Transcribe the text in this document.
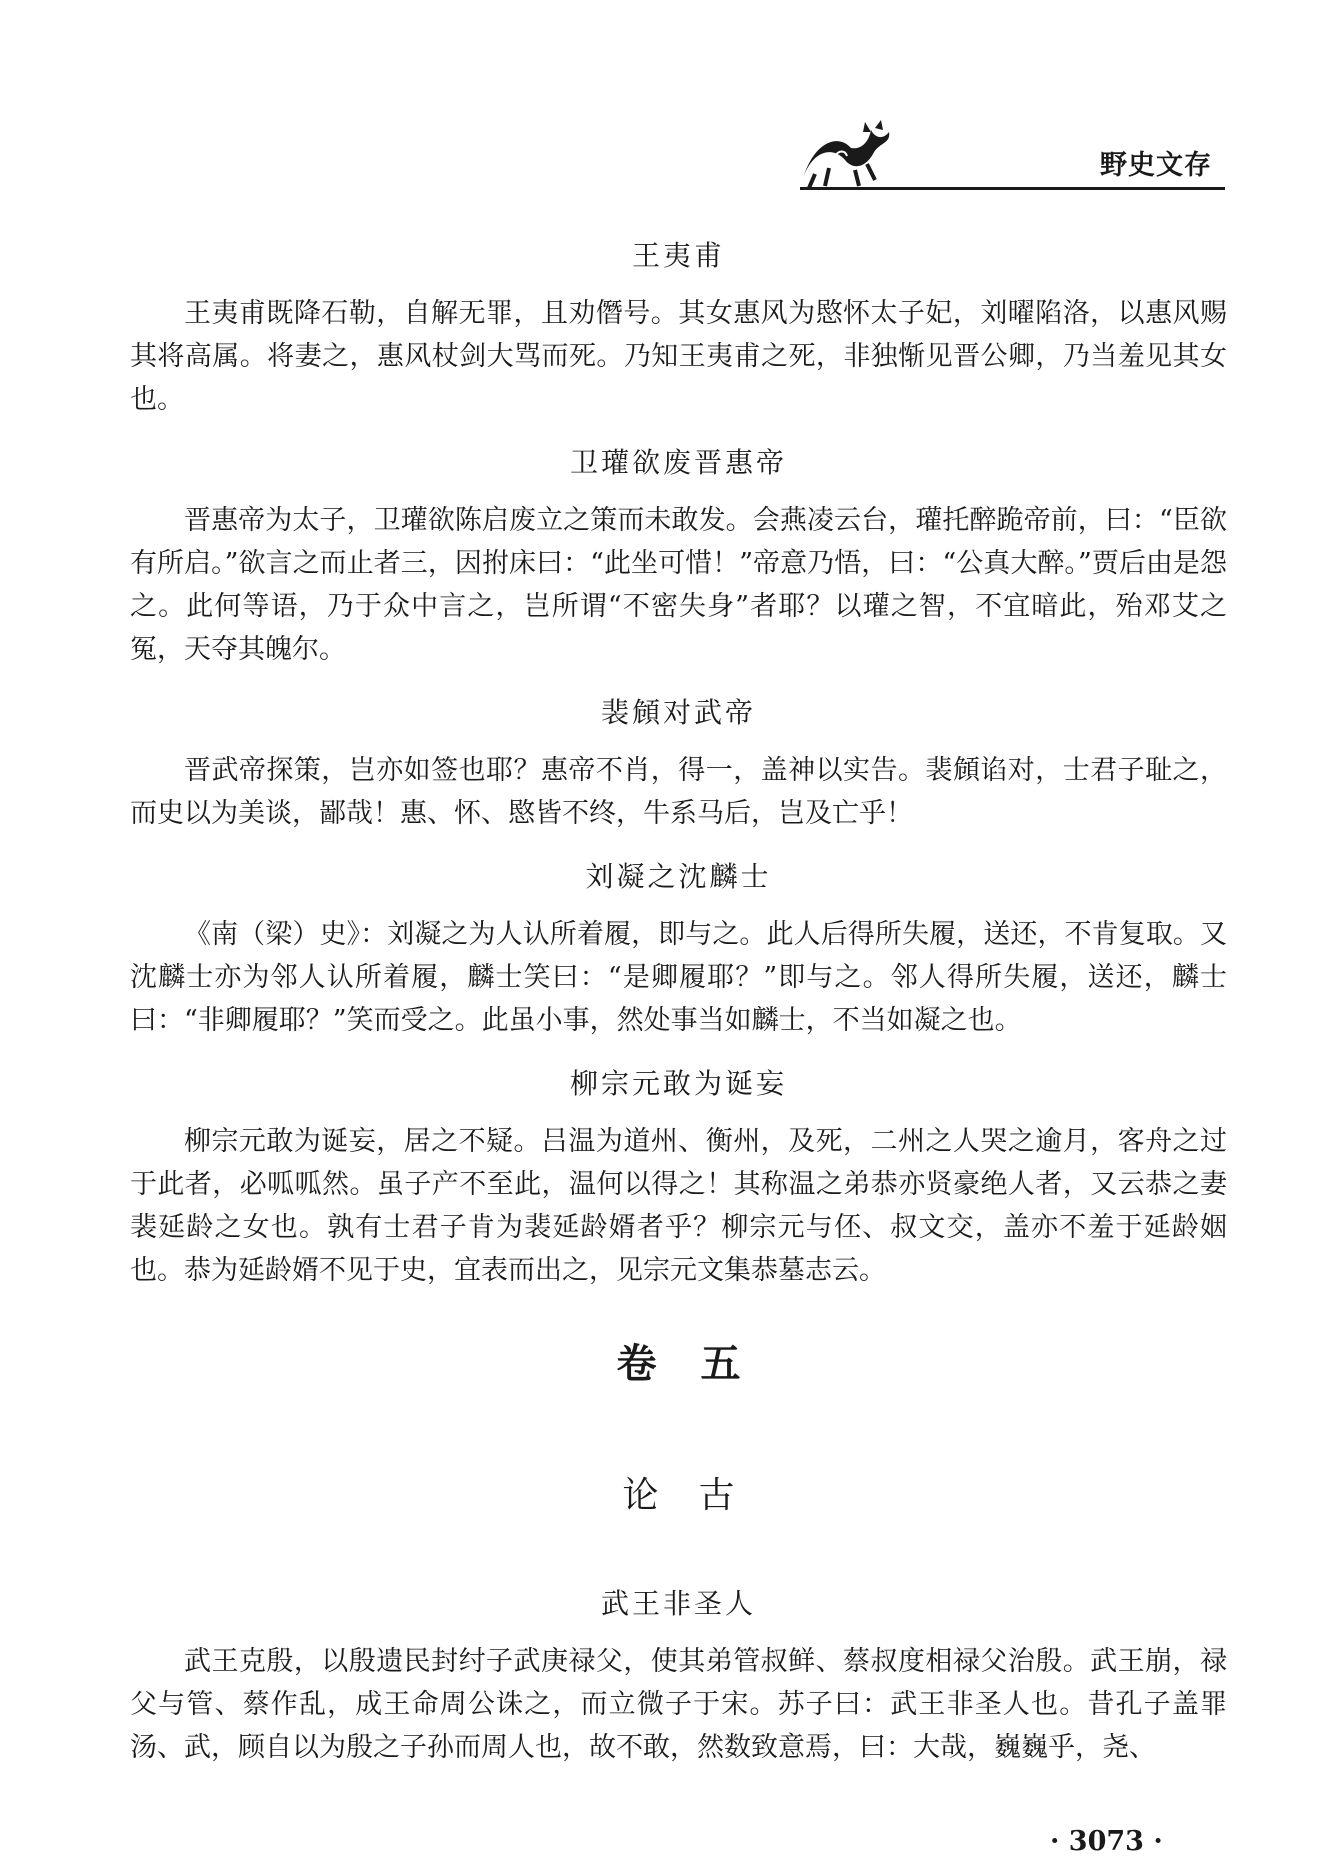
野史文存
王夷甫

王夷甫既降石勒，自解无罪，且劝僭号。其女惠风为愍怀太子妃，刘曜陷洛，以惠风赐其将高属。将妻之，惠风杖剑大骂而死。乃知王夷甫之死，非独惭见晋公卿，乃当羞见其女也。

卫瓘欲废晋惠帝

晋惠帝为太子，卫瓘欲陈启废立之策而未敢发。会燕凌云台，瓘托醉跪帝前，曰：“臣欲有所启。”欲言之而止者三，因拊床曰：“此坐可惜！”帝意乃悟，曰：“公真大醉。”贾后由是怨之。此何等语，乃于众中言之，岂所谓“不密失身”者耶？以瓘之智，不宜暗此，殆邓艾之冤，天夺其魄尔。

裴頠对武帝

晋武帝探策，岂亦如签也耶？惠帝不肖，得一，盖神以实告。裴頠谄对，士君子耻之，而史以为美谈，鄙哉！惠、怀、愍皆不终，牛系马后，岂及亡乎！

刘凝之沈麟士

《南（梁）史》：刘凝之为人认所着履，即与之。此人后得所失履，送还，不肯复取。又沈麟士亦为邻人认所着履，麟士笑曰：“是卿履耶？”即与之。邻人得所失履，送还，麟士曰：“非卿履耶？”笑而受之。此虽小事，然处事当如麟士，不当如凝之也。

柳宗元敢为诞妄

柳宗元敢为诞妄，居之不疑。吕温为道州、衡州，及死，二州之人哭之逾月，客舟之过于此者，必呱呱然。虽子产不至此，温何以得之！其称温之弟恭亦贤豪绝人者，又云恭之妻裴延龄之女也。孰有士君子肯为裴延龄婿者乎？柳宗元与伾、叔文交，盖亦不羞于延龄姻也。恭为延龄婿不见于史，宜表而出之，见宗元文集恭墓志云。

卷五
论古
武王非圣人

武王克殷，以殷遗民封纣子武庚禄父，使其弟管叔鲜、蔡叔度相禄父治殷。武王崩，禄父与管、蔡作乱，成王命周公诛之，而立微子于宋。苏子曰：武王非圣人也。昔孔子盖罪汤、武，顾自以为殷之子孙而周人也，故不敢，然数致意焉，曰：大哉，巍巍乎，尧、

· 3073 ·
